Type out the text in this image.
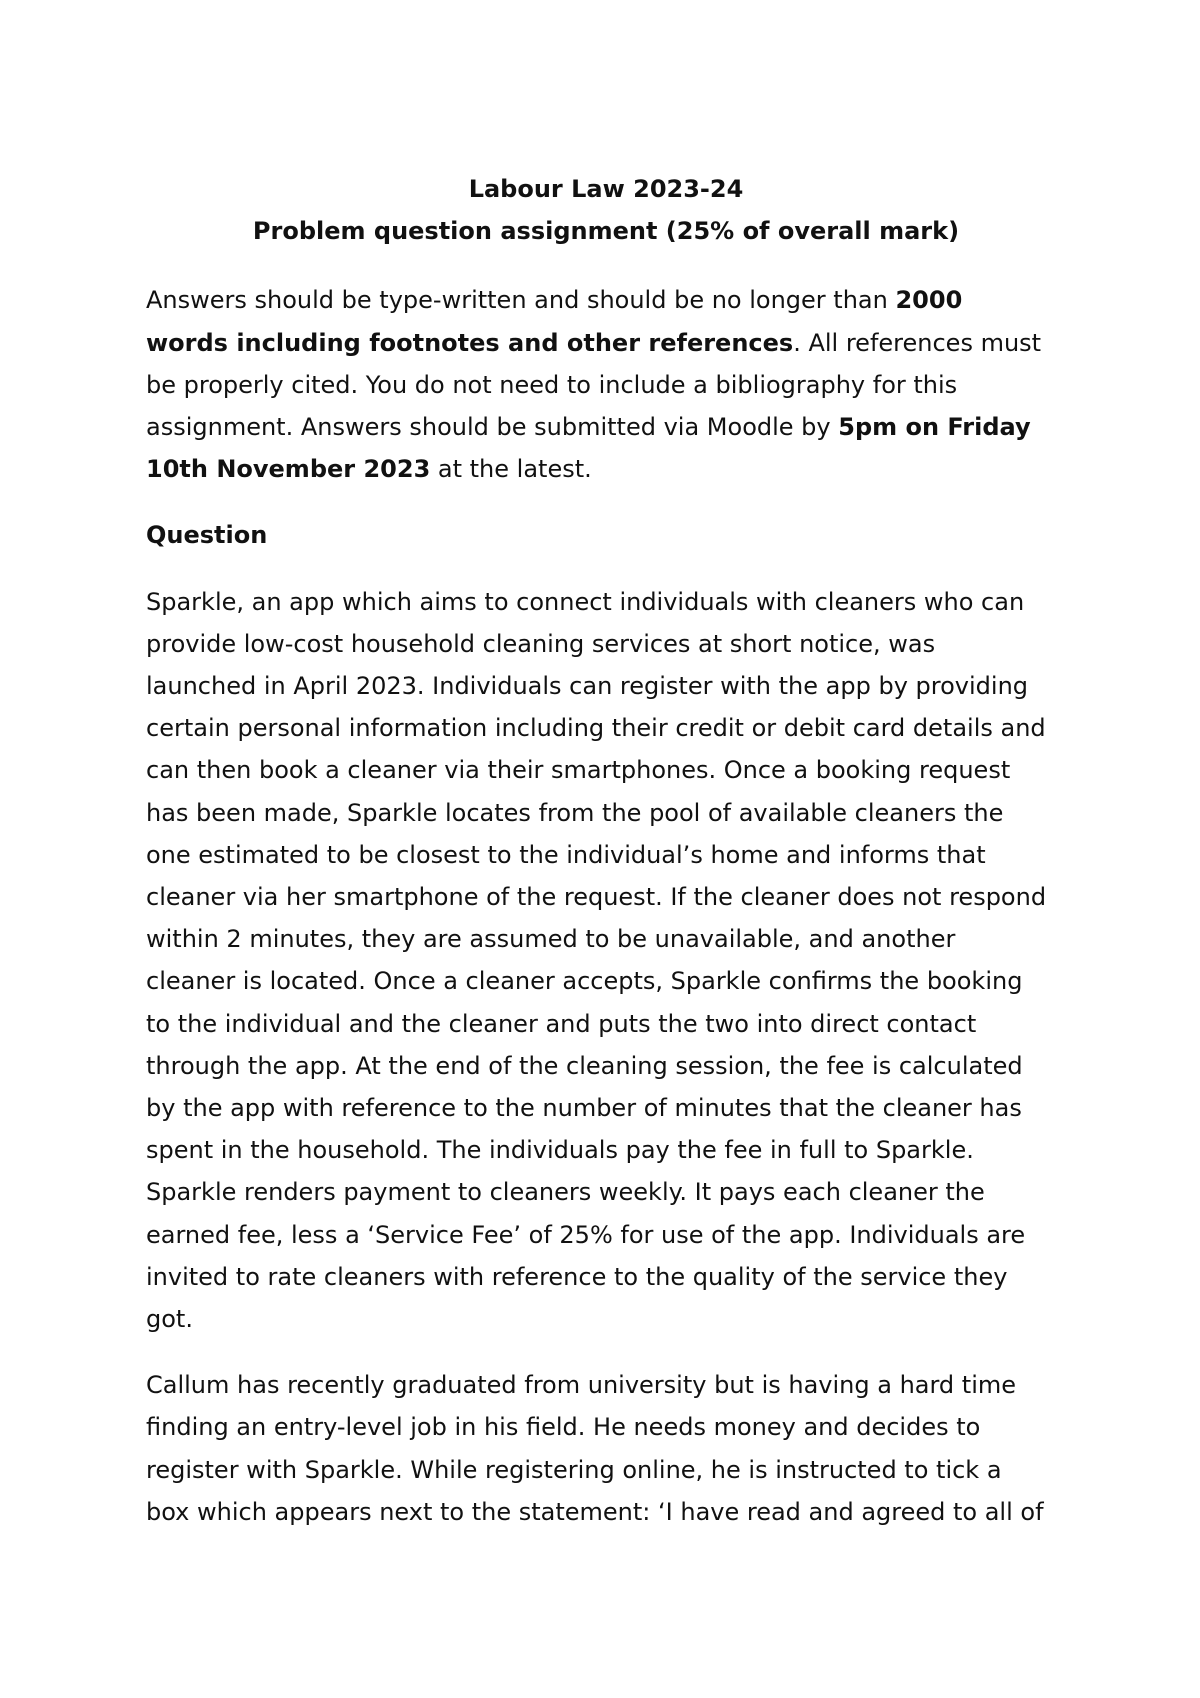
Labour Law 2023-24
Problem question assignment (25% of overall mark)
Answers should be type-written and should be no longer than 2000
words including footnotes and other references. All references must
be properly cited. You do not need to include a bibliography for this
assignment. Answers should be submitted via Moodle by 5pm on Friday
10th November 2023 at the latest.
Question
Sparkle, an app which aims to connect individuals with cleaners who can
provide low-cost household cleaning services at short notice, was
launched in April 2023. Individuals can register with the app by providing
certain personal information including their credit or debit card details and
can then book a cleaner via their smartphones. Once a booking request
has been made, Sparkle locates from the pool of available cleaners the
one estimated to be closest to the individual’s home and informs that
cleaner via her smartphone of the request. If the cleaner does not respond
within 2 minutes, they are assumed to be unavailable, and another
cleaner is located. Once a cleaner accepts, Sparkle confirms the booking
to the individual and the cleaner and puts the two into direct contact
through the app. At the end of the cleaning session, the fee is calculated
by the app with reference to the number of minutes that the cleaner has
spent in the household. The individuals pay the fee in full to Sparkle.
Sparkle renders payment to cleaners weekly. It pays each cleaner the
earned fee, less a ‘Service Fee’ of 25% for use of the app. Individuals are
invited to rate cleaners with reference to the quality of the service they
got.
Callum has recently graduated from university but is having a hard time
finding an entry-level job in his field. He needs money and decides to
register with Sparkle. While registering online, he is instructed to tick a
box which appears next to the statement: ‘I have read and agreed to all of
